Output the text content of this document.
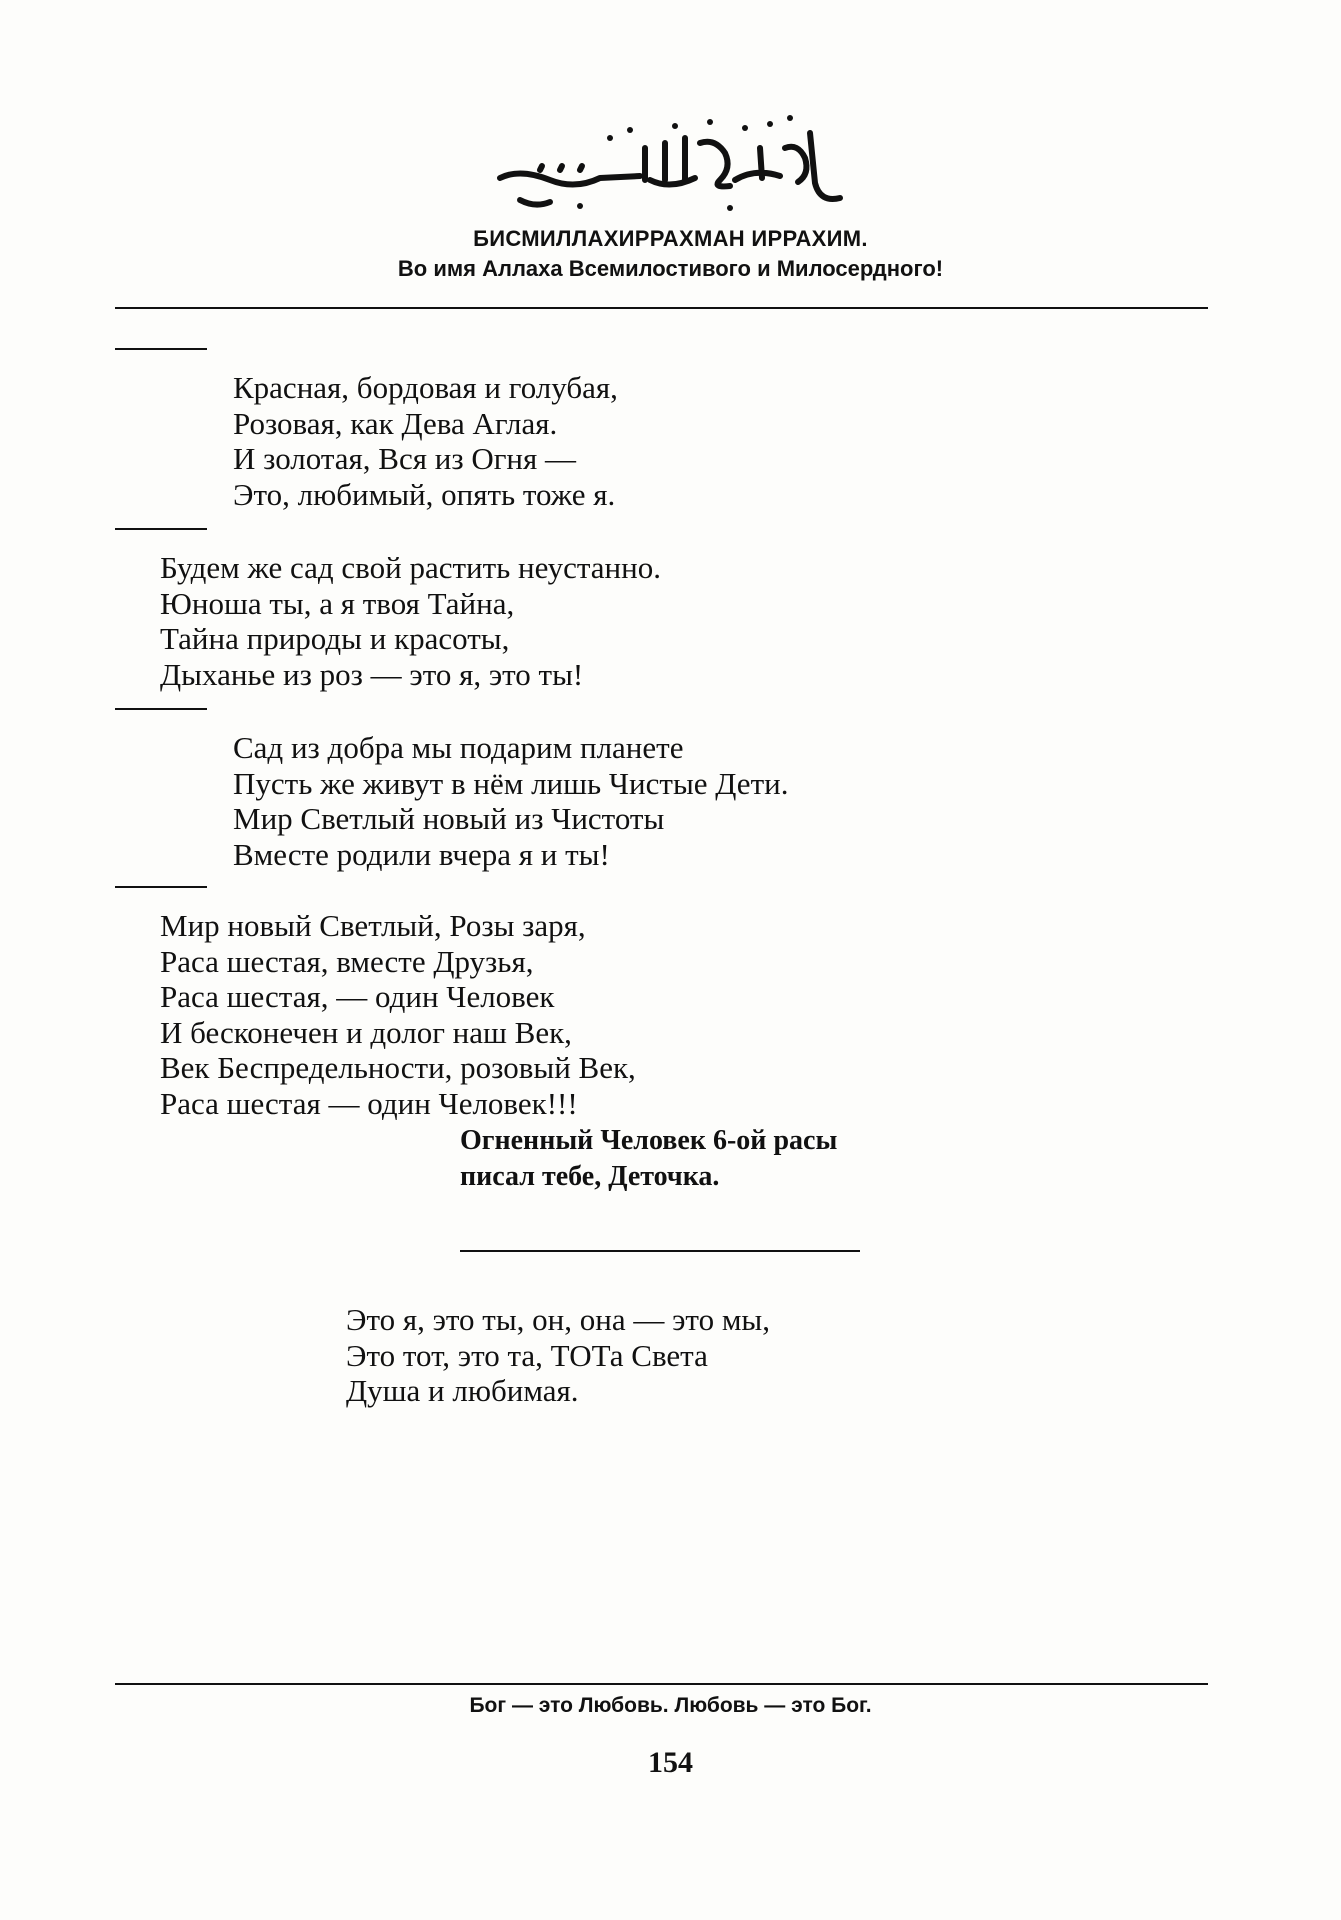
БИСМИЛЛАХИРРАХМАН ИРРАХИМ.
Во имя Аллаха Всемилостивого и Милосердного!
Красная, бордовая и голубая,
Розовая, как Дева Аглая.
И золотая, Вся из Огня —
Это, любимый, опять тоже я.
Будем же сад свой растить неустанно.
Юноша ты, а я твоя Тайна,
Тайна природы и красоты,
Дыханье из роз — это я, это ты!
Сад из добра мы подарим планете
Пусть же живут в нём лишь Чистые Дети.
Мир Светлый новый из Чистоты
Вместе родили вчера я и ты!
Мир новый Светлый, Розы заря,
Раса шестая, вместе Друзья,
Раса шестая, — один Человек
И бесконечен и долог наш Век,
Век Беспредельности, розовый Век,
Раса шестая — один Человек!!!
Огненный Человек 6-ой расы
писал тебе, Деточка.
Это я, это ты, он, она — это мы,
Это тот, это та, ТОТа Света
Душа и любимая.
Бог — это Любовь. Любовь — это Бог.
154
